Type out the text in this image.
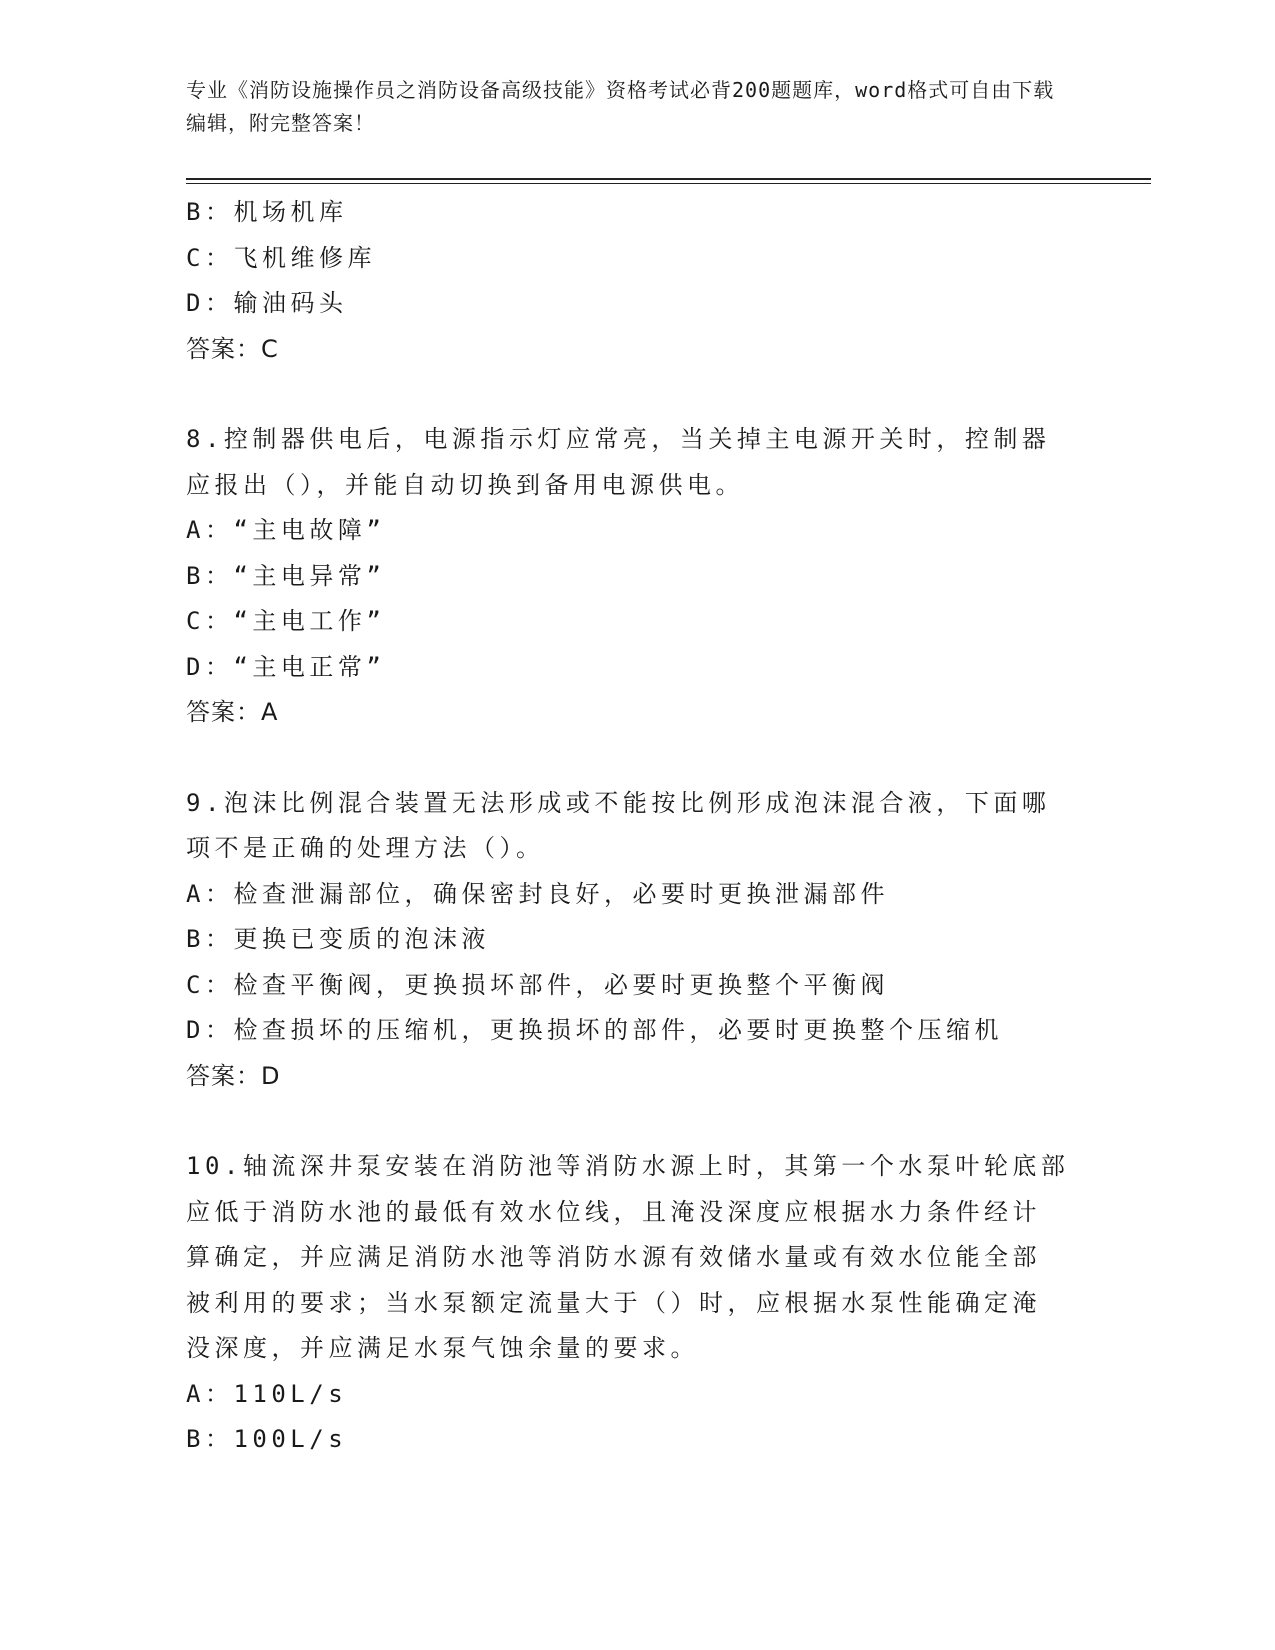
专业《消防设施操作员之消防设备高级技能》资格考试必背200题题库，word格式可自由下载编辑，附完整答案！
B：机场机库
C：飞机维修库
D：输油码头
答案：C
8.控制器供电后，电源指示灯应常亮，当关掉主电源开关时，控制器
应报出（），并能自动切换到备用电源供电。
A：“主电故障”
B：“主电异常”
C：“主电工作”
D：“主电正常”
答案：A
9.泡沫比例混合装置无法形成或不能按比例形成泡沫混合液，下面哪
项不是正确的处理方法（）。
A：检查泄漏部位，确保密封良好，必要时更换泄漏部件
B：更换已变质的泡沫液
C：检查平衡阀，更换损坏部件，必要时更换整个平衡阀
D：检查损坏的压缩机，更换损坏的部件，必要时更换整个压缩机
答案：D
10.轴流深井泵安装在消防池等消防水源上时，其第一个水泵叶轮底部
应低于消防水池的最低有效水位线，且淹没深度应根据水力条件经计
算确定，并应满足消防水池等消防水源有效储水量或有效水位能全部
被利用的要求；当水泵额定流量大于（）时，应根据水泵性能确定淹
没深度，并应满足水泵气蚀余量的要求。
A：110L/s
B：100L/s
